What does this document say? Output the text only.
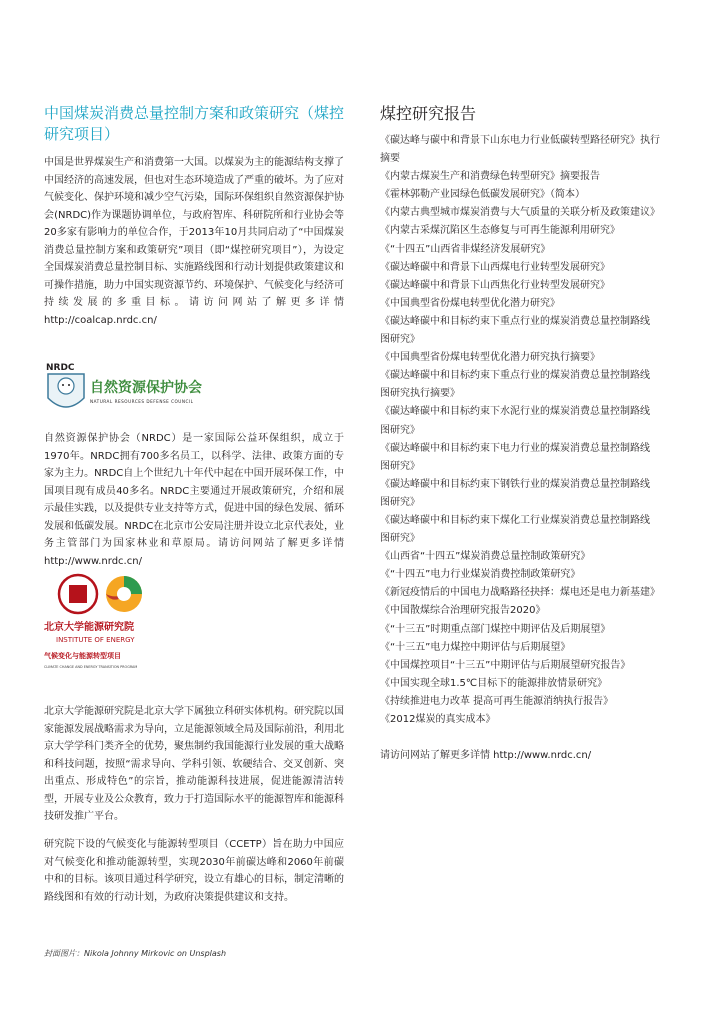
中国煤炭消费总量控制方案和政策研究（煤控研究项目）

中国是世界煤炭生产和消费第一大国。以煤炭为主的能源结构支撑了中国经济的高速发展，但也对生态环境造成了严重的破坏。为了应对气候变化、保护环境和减少空气污染，国际环保组织自然资源保护协会(NRDC)作为课题协调单位，与政府智库、科研院所和行业协会等20多家有影响力的单位合作，于2013年10月共同启动了“中国煤炭消费总量控制方案和政策研究”项目（即“煤控研究项目”），为设定全国煤炭消费总量控制目标、实施路线图和行动计划提供政策建议和可操作措施，助力中国实现资源节约、环境保护、气候变化与经济可持续发展的多重目标。请访问网站了解更多详情 http://coalcap.nrdc.cn/

NRDC
自然资源保护协会
NATURAL RESOURCES DEFENSE COUNCIL

自然资源保护协会（NRDC）是一家国际公益环保组织，成立于1970年。NRDC拥有700多名员工，以科学、法律、政策方面的专家为主力。NRDC自上个世纪九十年代中起在中国开展环保工作，中国项目现有成员40多名。NRDC主要通过开展政策研究，介绍和展示最佳实践，以及提供专业支持等方式，促进中国的绿色发展、循环发展和低碳发展。NRDC在北京市公安局注册并设立北京代表处，业务主管部门为国家林业和草原局。请访问网站了解更多详情 http://www.nrdc.cn/

北京大学能源研究院
INSTITUTE OF ENERGY
气候变化与能源转型项目
CLIMATE CHANGE AND ENERGY TRANSITION PROGRAM

北京大学能源研究院是北京大学下属独立科研实体机构。研究院以国家能源发展战略需求为导向，立足能源领域全局及国际前沿，利用北京大学学科门类齐全的优势，聚焦制约我国能源行业发展的重大战略和科技问题，按照“需求导向、学科引领、软硬结合、交叉创新、突出重点、形成特色”的宗旨，推动能源科技进展，促进能源清洁转型，开展专业及公众教育，致力于打造国际水平的能源智库和能源科技研发推广平台。

研究院下设的气候变化与能源转型项目（CCETP）旨在助力中国应对气候变化和推动能源转型，实现2030年前碳达峰和2060年前碳中和的目标。该项目通过科学研究，设立有雄心的目标，制定清晰的路线图和有效的行动计划，为政府决策提供建议和支持。

煤控研究报告
《碳达峰与碳中和背景下山东电力行业低碳转型路径研究》执行
摘要
《内蒙古煤炭生产和消费绿色转型研究》摘要报告
《霍林郭勒产业园绿色低碳发展研究》（简本）
《内蒙古典型城市煤炭消费与大气质量的关联分析及政策建议》
《内蒙古采煤沉陷区生态修复与可再生能源利用研究》
《“十四五”山西省非煤经济发展研究》
《碳达峰碳中和背景下山西煤电行业转型发展研究》
《碳达峰碳中和背景下山西焦化行业转型发展研究》
《中国典型省份煤电转型优化潜力研究》
《碳达峰碳中和目标约束下重点行业的煤炭消费总量控制路线
图研究》
《中国典型省份煤电转型优化潜力研究执行摘要》
《碳达峰碳中和目标约束下重点行业的煤炭消费总量控制路线
图研究执行摘要》
《碳达峰碳中和目标约束下水泥行业的煤炭消费总量控制路线
图研究》
《碳达峰碳中和目标约束下电力行业的煤炭消费总量控制路线
图研究》
《碳达峰碳中和目标约束下钢铁行业的煤炭消费总量控制路线
图研究》
《碳达峰碳中和目标约束下煤化工行业煤炭消费总量控制路线
图研究》
《山西省“十四五”煤炭消费总量控制政策研究》
《“十四五”电力行业煤炭消费控制政策研究》
《新冠疫情后的中国电力战略路径抉择：煤电还是电力新基建》
《中国散煤综合治理研究报告2020》
《“十三五”时期重点部门煤控中期评估及后期展望》
《“十三五”电力煤控中期评估与后期展望》
《中国煤控项目“十三五”中期评估与后期展望研究报告》
《中国实现全球1.5℃目标下的能源排放情景研究》
《持续推进电力改革 提高可再生能源消纳执行报告》
《2012煤炭的真实成本》
请访问网站了解更多详情 http://www.nrdc.cn/
封面图片：Nikola Johnny Mirkovic on Unsplash
